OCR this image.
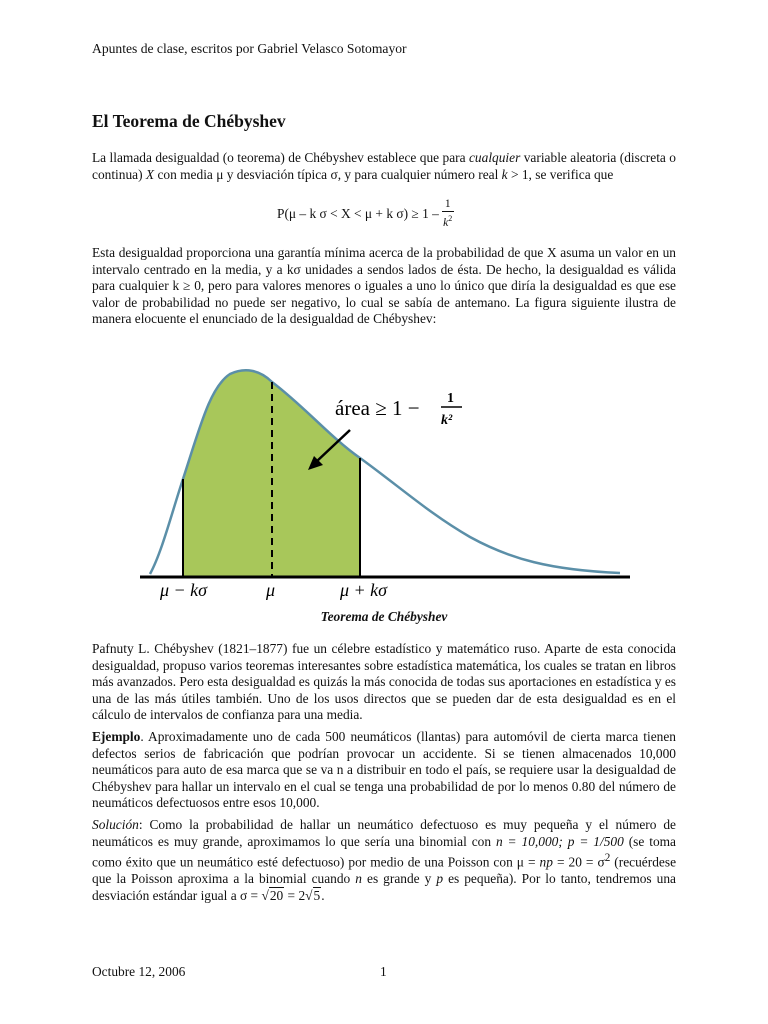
Apuntes de clase, escritos por Gabriel Velasco Sotomayor
El Teorema de Chébyshev

La llamada desigualdad (o teorema) de Chébyshev establece que para cualquier variable aleatoria (discreta o continua) X con media μ y desviación típica σ, y para cualquier número real k > 1, se verifica que

P(μ – k σ < X < μ + k $\sigma) \ge 1 - \frac{1}{k^2}$

Esta desigualdad proporciona una garantía mínima acerca de la probabilidad de que X asuma un valor en un intervalo centrado en la media, y a kσ unidades a sendos lados de ésta. De hecho, la desigualdad es válida para cualquier k ≥ 0, pero para valores menores o iguales a uno lo único que diría la desigualdad es que ese valor de probabilidad no puede ser negativo, lo cual se sabía de antemano. La figura siguiente ilustra de manera elocuente el enunciado de la desigualdad de Chébyshev:

área ≥ 1 − 1
k²
μ − kσ	μ	μ + kσ
Teorema de Chébyshev

Pafnuty L. Chébyshev (1821–1877) fue un célebre estadístico y matemático ruso. Aparte de esta conocida desigualdad, propuso varios teoremas interesantes sobre estadística matemática, los cuales se tratan en libros más avanzados. Pero esta desigualdad es quizás la más conocida de todas sus aportaciones en estadística y es una de las más útiles también. Uno de los usos directos que se pueden dar de esta desigualdad es en el cálculo de intervalos de confianza para una media.

Ejemplo. Aproximadamente uno de cada 500 neumáticos (llantas) para automóvil de cierta marca tienen defectos serios de fabricación que podrían provocar un accidente. Si se tienen almacenados 10,000 neumáticos para auto de esa marca que se va n a distribuir en todo el país, se requiere usar la desigualdad de Chébyshev para hallar un intervalo en el cual se tenga una probabilidad de por lo menos 0.80 del número de neumáticos defectuosos entre esos 10,000.

Solución: Como la probabilidad de hallar un neumático defectuoso es muy pequeña y el número de neumáticos es muy grande, aproximamos lo que sería una binomial con n = 10,000; p = 1/500 (se toma como éxito que un neumático esté defectuoso) por medio de una Poisson con μ = np = $20 = \sigma^2$ (recuérdese que la Poisson aproxima a la binomial cuando n es grande y p es pequeña). Por lo tanto, tendremos una desviación estándar igual a σ = √20 = 2√5.

Octubre 12, 2006	1
